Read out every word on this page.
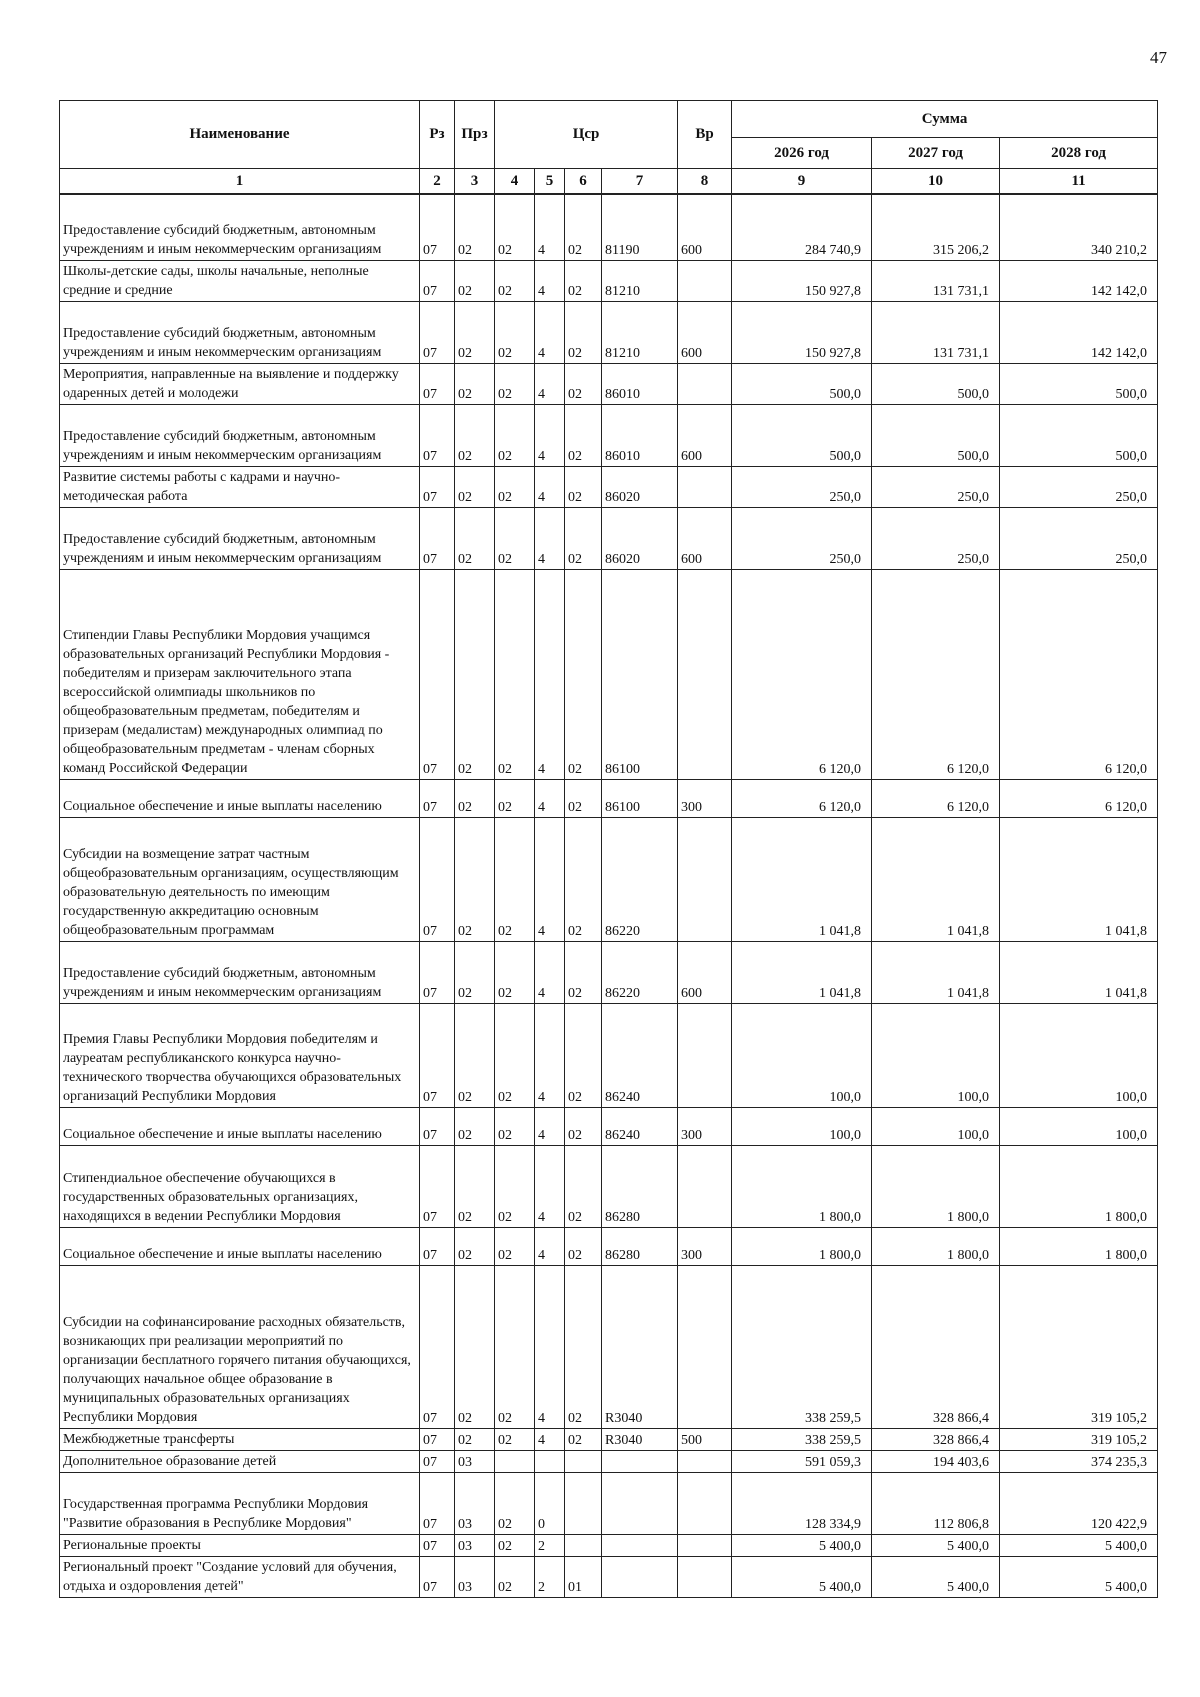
47
Наименование	Рз	Прз	Цср				Вр	Сумма		
								2026 год	2027 год	2028 год
1	2	3	4	5	6	7	8	9	10	11
Предоставление субсидий бюджетным, автономным учреждениям и иным некоммерческим организациям	07	02	02	4	02	81190	600	284 740,9	315 206,2	340 210,2
Школы-детские сады, школы начальные, неполные средние и средние	07	02	02	4	02	81210		150 927,8	131 731,1	142 142,0
Предоставление субсидий бюджетным, автономным учреждениям и иным некоммерческим организациям	07	02	02	4	02	81210	600	150 927,8	131 731,1	142 142,0
Мероприятия, направленные на выявление и поддержку одаренных детей и молодежи	07	02	02	4	02	86010		500,0	500,0	500,0
Предоставление субсидий бюджетным, автономным учреждениям и иным некоммерческим организациям	07	02	02	4	02	86010	600	500,0	500,0	500,0
Развитие системы работы с кадрами и научно-методическая работа	07	02	02	4	02	86020		250,0	250,0	250,0
Предоставление субсидий бюджетным, автономным учреждениям и иным некоммерческим организациям	07	02	02	4	02	86020	600	250,0	250,0	250,0
Стипендии Главы Республики Мордовия учащимся образовательных организаций Республики Мордовия - победителям и призерам заключительного этапа всероссийской олимпиады школьников по общеобразовательным предметам, победителям и призерам (медалистам) международных олимпиад по общеобразовательным предметам - членам сборных команд Российской Федерации	07	02	02	4	02	86100		6 120,0	6 120,0	6 120,0
Социальное обеспечение и иные выплаты населению	07	02	02	4	02	86100	300	6 120,0	6 120,0	6 120,0
Субсидии на возмещение затрат частным общеобразовательным организациям, осуществляющим образовательную деятельность по имеющим государственную аккредитацию основным общеобразовательным программам	07	02	02	4	02	86220		1 041,8	1 041,8	1 041,8
Предоставление субсидий бюджетным, автономным учреждениям и иным некоммерческим организациям	07	02	02	4	02	86220	600	1 041,8	1 041,8	1 041,8
Премия Главы Республики Мордовия победителям и лауреатам республиканского конкурса научно-технического творчества обучающихся образовательных организаций Республики Мордовия	07	02	02	4	02	86240		100,0	100,0	100,0
Социальное обеспечение и иные выплаты населению	07	02	02	4	02	86240	300	100,0	100,0	100,0
Стипендиальное обеспечение обучающихся в государственных образовательных организациях, находящихся в ведении Республики Мордовия	07	02	02	4	02	86280		1 800,0	1 800,0	1 800,0
Социальное обеспечение и иные выплаты населению	07	02	02	4	02	86280	300	1 800,0	1 800,0	1 800,0
Субсидии на софинансирование расходных обязательств, возникающих при реализации мероприятий по организации бесплатного горячего питания обучающихся, получающих начальное общее образование в муниципальных образовательных организациях Республики Мордовия	07	02	02	4	02	R3040		338 259,5	328 866,4	319 105,2
Межбюджетные трансферты	07	02	02	4	02	R3040	500	338 259,5	328 866,4	319 105,2
Дополнительное образование детей	07	03						591 059,3	194 403,6	374 235,3
Государственная программа Республики Мордовия "Развитие образования в Республике Мордовия"	07	03	02	0				128 334,9	112 806,8	120 422,9
Региональные проекты	07	03	02	2				5 400,0	5 400,0	5 400,0
Региональный проект "Создание условий для обучения, отдыха и оздоровления детей"	07	03	02	2	01			5 400,0	5 400,0	5 400,0
